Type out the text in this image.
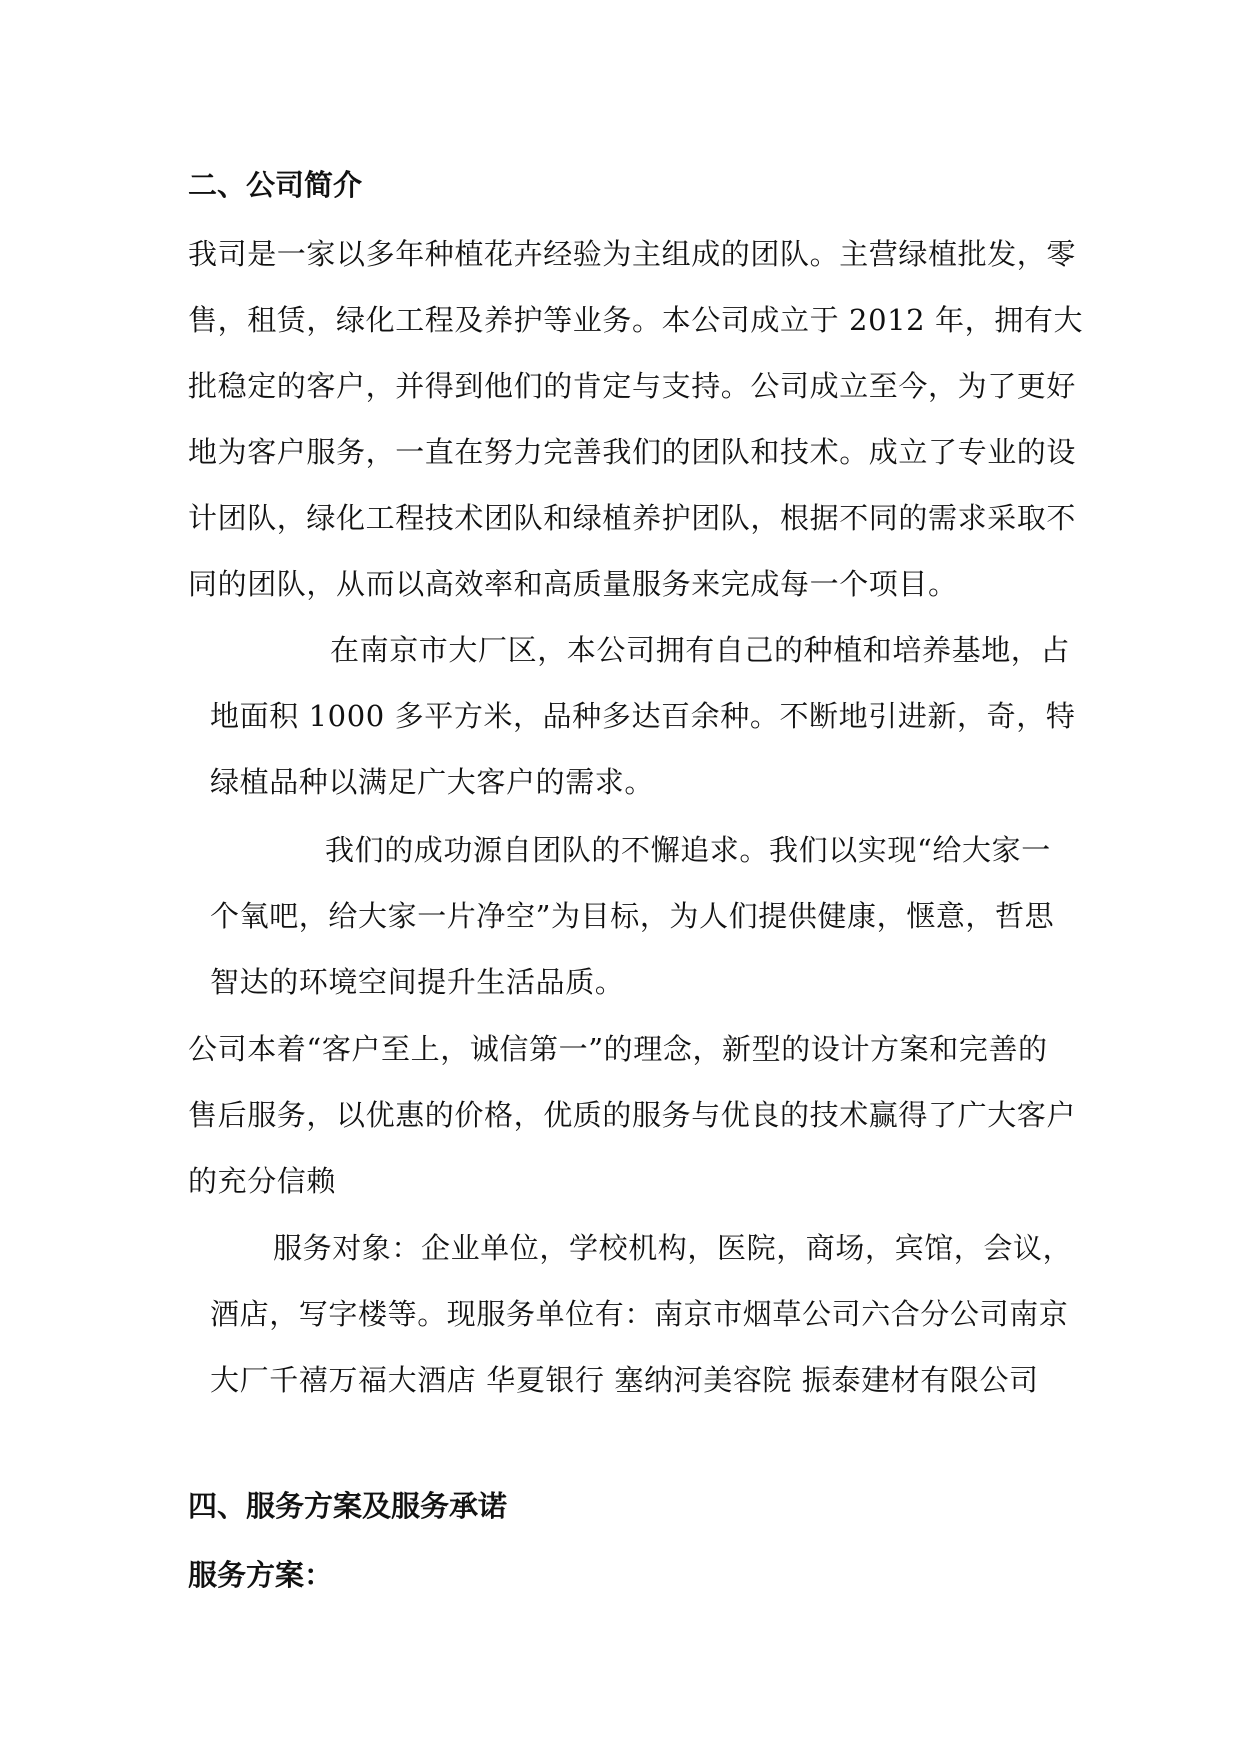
二、公司简介
我司是一家以多年种植花卉经验为主组成的团队。主营绿植批发，零
售，租赁，绿化工程及养护等业务。本公司成立于 2012 年，拥有大
批稳定的客户，并得到他们的肯定与支持。公司成立至今，为了更好
地为客户服务，一直在努力完善我们的团队和技术。成立了专业的设
计团队，绿化工程技术团队和绿植养护团队，根据不同的需求采取不
同的团队，从而以高效率和高质量服务来完成每一个项目。
在南京市大厂区，本公司拥有自己的种植和培养基地，占
地面积 1000 多平方米，品种多达百余种。不断地引进新，奇，特
绿植品种以满足广大客户的需求。
我们的成功源自团队的不懈追求。我们以实现“给大家一
个氧吧，给大家一片净空”为目标，为人们提供健康，惬意，哲思
智达的环境空间提升生活品质。
公司本着“客户至上，诚信第一”的理念，新型的设计方案和完善的
售后服务，以优惠的价格，优质的服务与优良的技术赢得了广大客户
的充分信赖
服务对象：企业单位，学校机构，医院，商场，宾馆，会议，
酒店，写字楼等。现服务单位有：南京市烟草公司六合分公司南京
大厂千禧万福大酒店 华夏银行 塞纳河美容院 振泰建材有限公司
四、服务方案及服务承诺
服务方案：
